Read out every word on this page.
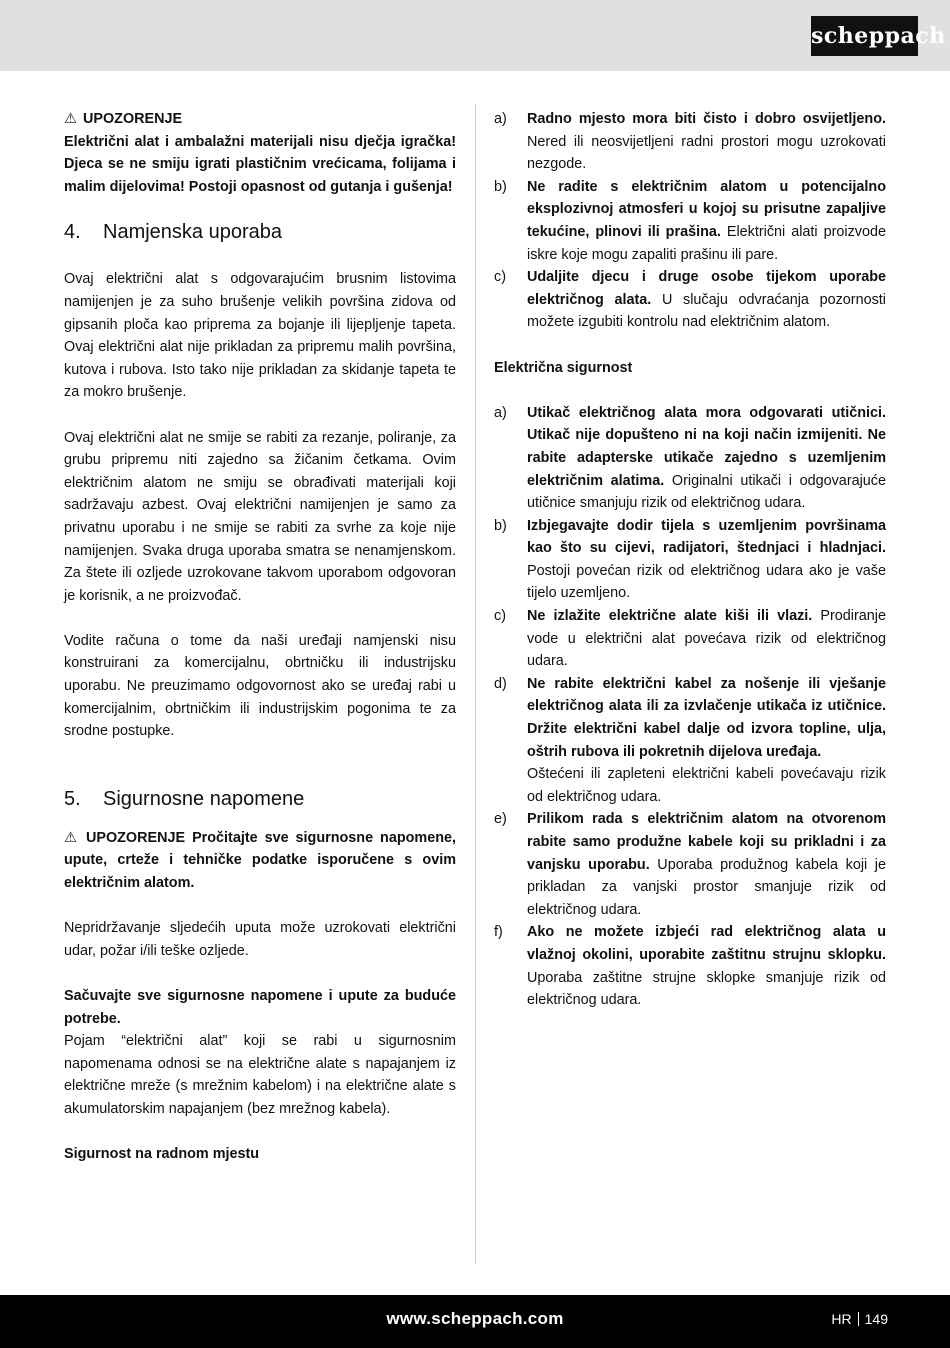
scheppach

⚠ UPOZORENJE

Električni alat i ambalažni materijali nisu dječja igračka! Djeca se ne smiju igrati plastičnim vrećicama, folijama i malim dijelovima! Postoji opasnost od gutanja i gušenja!

4. Namjenska uporaba

Ovaj električni alat s odgovarajućim brusnim listovima namijenjen je za suho brušenje velikih površina zidova od gipsanih ploča kao priprema za bojanje ili lijepljenje tapeta. Ovaj električni alat nije prikladan za pripremu malih površina, kutova i rubova. Isto tako nije prikladan za skidanje tapeta te za mokro brušenje.

Ovaj električni alat ne smije se rabiti za rezanje, poliranje, za grubu pripremu niti zajedno sa žičanim četkama. Ovim električnim alatom ne smiju se obrađivati materijali koji sadržavaju azbest. Ovaj električni namijenjen je samo za privatnu uporabu i ne smije se rabiti za svrhe za koje nije namijenjen. Svaka druga uporaba smatra se nenamjenskom. Za štete ili ozljede uzrokovane takvom uporabom odgovoran je korisnik, a ne proizvođač.

Vodite računa o tome da naši uređaji namjenski nisu konstruirani za komercijalnu, obrtničku ili industrijsku uporabu. Ne preuzimamo odgovornost ako se uređaj rabi u komercijalnim, obrtničkim ili industrijskim pogonima te za srodne postupke.

5. Sigurnosne napomene

⚠ UPOZORENJE Pročitajte sve sigurnosne napomene, upute, crteže i tehničke podatke isporučene s ovim električnim alatom.

Nepridržavanje sljedećih uputa može uzrokovati električni udar, požar i/ili teške ozljede.

Sačuvajte sve sigurnosne napomene i upute za buduće potrebe.

Pojam “električni alat” koji se rabi u sigurnosnim napomenama odnosi se na električne alate s napajanjem iz električne mreže (s mrežnim kabelom) i na električne alate s akumulatorskim napajanjem (bez mrežnog kabela).

Sigurnost na radnom mjestu

a) Radno mjesto mora biti čisto i dobro osvijetljeno. Nered ili neosvijetljeni radni prostori mogu uzrokovati nezgode.
b) Ne radite s električnim alatom u potencijalno eksplozivnoj atmosferi u kojoj su prisutne zapaljive tekućine, plinovi ili prašina. Električni alati proizvode iskre koje mogu zapaliti prašinu ili pare.
c) Udaljite djecu i druge osobe tijekom uporabe električnog alata. U slučaju odvraćanja pozornosti možete izgubiti kontrolu nad električnim alatom.

Električna sigurnost

a) Utikač električnog alata mora odgovarati utičnici. Utikač nije dopušteno ni na koji način izmijeniti. Ne rabite adapterske utikače zajedno s uzemljenim električnim alatima. Originalni utikači i odgovarajuće utičnice smanjuju rizik od električnog udara.
b) Izbjegavajte dodir tijela s uzemljenim površinama kao što su cijevi, radijatori, štednjaci i hladnjaci. Postoji povećan rizik od električnog udara ako je vaše tijelo uzemljeno.
c) Ne izlažite električne alate kiši ili vlazi. Prodiranje vode u električni alat povećava rizik od električnog udara.
d) Ne rabite električni kabel za nošenje ili vješanje električnog alata ili za izvlačenje utikača iz utičnice. Držite električni kabel dalje od izvora topline, ulja, oštrih rubova ili pokretnih dijelova uređaja.
Oštećeni ili zapleteni električni kabeli povećavaju rizik od električnog udara.
e) Prilikom rada s električnim alatom na otvorenom rabite samo produžne kabele koji su prikladni i za vanjsku uporabu. Uporaba produžnog kabela koji je prikladan za vanjski prostor smanjuje rizik od električnog udara.
f) Ako ne možete izbjeći rad električnog alata u vlažnoj okolini, uporabite zaštitnu strujnu sklopku. Uporaba zaštitne strujne sklopke smanjuje rizik od električnog udara.
www.scheppach.com	HR 149
